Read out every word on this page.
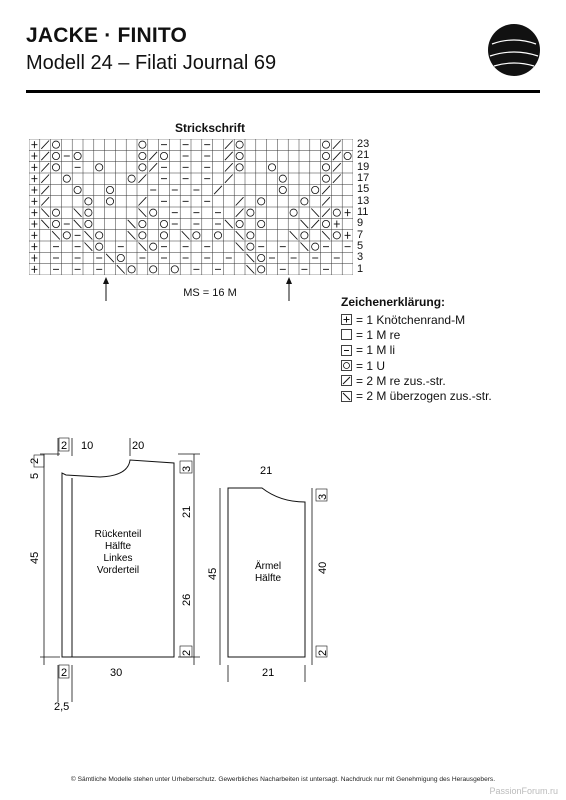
JACKE · FINITO
Modell 24 – Filati Journal 69
Strickschrift
23
21
19
17
15
13
11
9
7
5
3
1
MS = 16 M
Zeichenerklärung:
= 1 Knötchenrand-M
= 1 M re
= 1 M li
= 1 U
= 2 M re zus.-str.
= 2 M überzogen zus.-str.
2 10	20
5
2
45
3
21
26
2
2	30
2,5
Rückenteil
Hälfte
Linkes
Vorderteil
21
45
3
40
2
21
Ärmel
Hälfte
© Sämtliche Modelle stehen unter Urheberschutz. Gewerbliches Nacharbeiten ist untersagt. Nachdruck nur mit Genehmigung des Herausgebers.
PassionForum.ru
